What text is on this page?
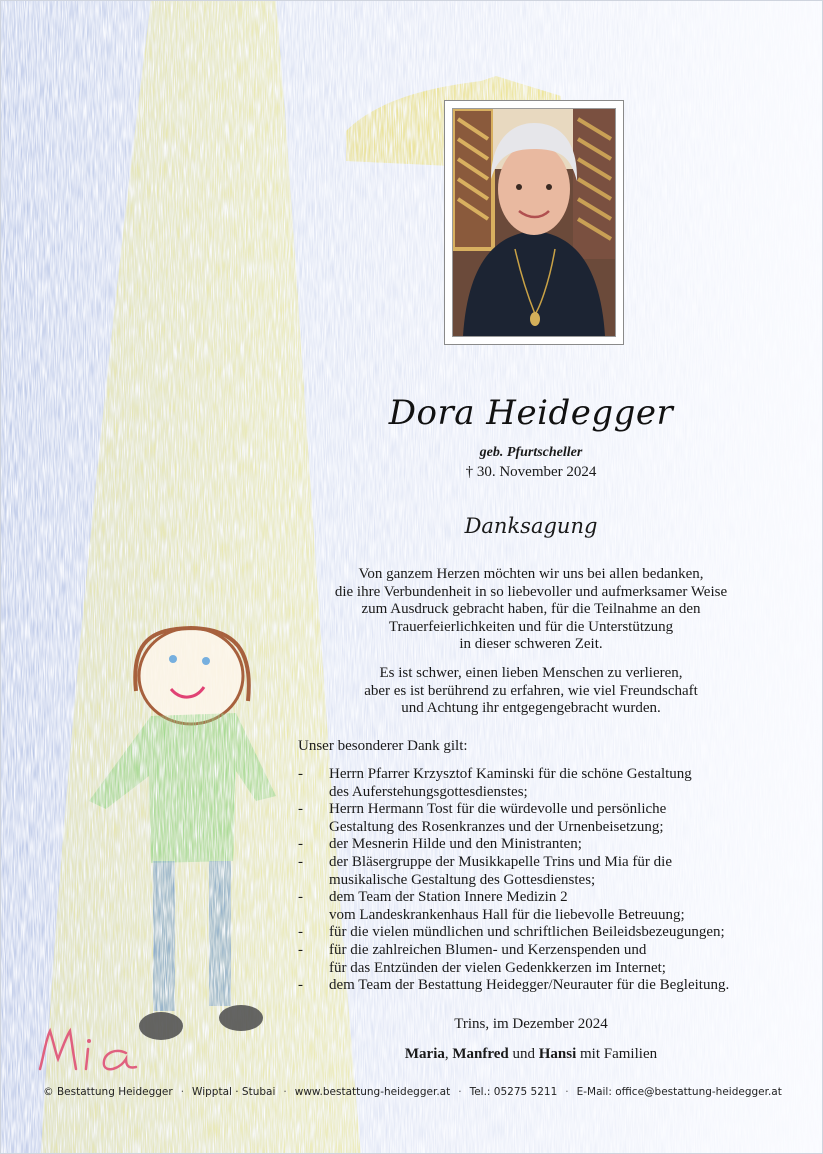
Dora Heidegger
geb. Pfurtscheller
† 30. November 2024
Danksagung
Von ganzem Herzen möchten wir uns bei allen bedanken,
die ihre Verbundenheit in so liebevoller und aufmerksamer Weise
zum Ausdruck gebracht haben, für die Teilnahme an den
Trauerfeierlichkeiten und für die Unterstützung
in dieser schweren Zeit.
Es ist schwer, einen lieben Menschen zu verlieren,
aber es ist berührend zu erfahren, wie viel Freundschaft
und Achtung ihr entgegengebracht wurden.
Unser besonderer Dank gilt:
- Herrn Pfarrer Krzysztof Kaminski für die schöne Gestaltung
des Auferstehungsgottesdienstes;
- Herrn Hermann Tost für die würdevolle und persönliche
Gestaltung des Rosenkranzes und der Urnenbeisetzung;
- der Mesnerin Hilde und den Ministranten;
- der Bläsergruppe der Musikkapelle Trins und Mia für die
musikalische Gestaltung des Gottesdienstes;
- dem Team der Station Innere Medizin 2
vom Landeskrankenhaus Hall für die liebevolle Betreuung;
- für die vielen mündlichen und schriftlichen Beileidsbezeugungen;
- für die zahlreichen Blumen- und Kerzenspenden und
für das Entzünden der vielen Gedenkkerzen im Internet;
- dem Team der Bestattung Heidegger/Neurauter für die Begleitung.
Trins, im Dezember 2024
Maria, Manfred und Hansi mit Familien
© Bestattung Heidegger · Wipptal · Stubai · www.bestattung-heidegger.at · Tel.: 05275 5211 · E-Mail: office@bestattung-heidegger.at
